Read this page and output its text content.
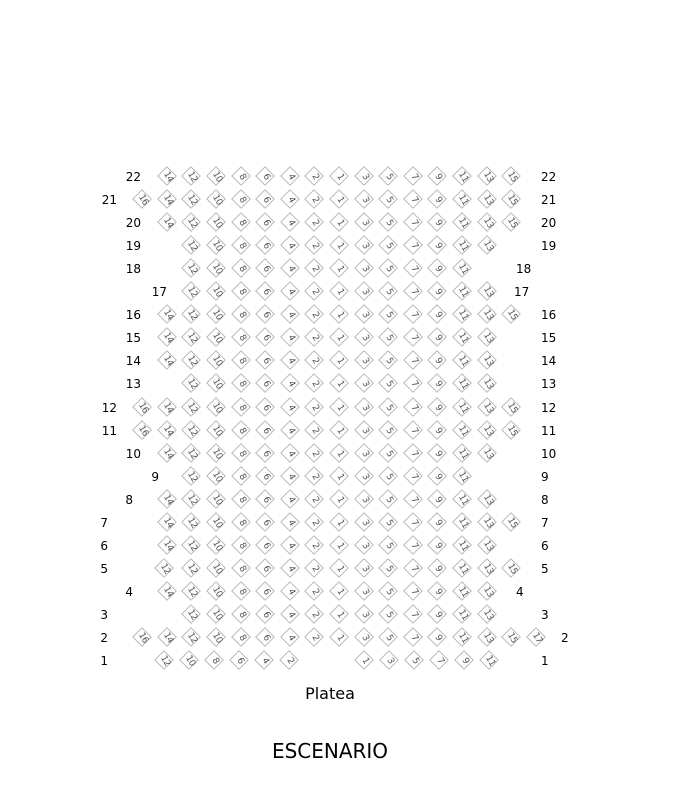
22	14	12	10	8	6	4	2	1	3	5	7	9	11	13	15	22
21	16	14	12	10	8	6	4	2	1	3	5	7	9	11	13	15	21
20	14	12	10	8	6	4	2	1	3	5	7	9	11	13	15	20
19	12	10	8	6	4	2	1	3	5	7	9	11	13	19
18	12	10	8	6	4	2	1	3	5	7	9	11	18
17	12	10	8	6	4	2	1	3	5	7	9	11	13	17
16	14	12	10	8	6	4	2	1	3	5	7	9	11	13	15	16
15	14	12	10	8	6	4	2	1	3	5	7	9	11	13	15
14	14	12	10	8	6	4	2	1	3	5	7	9	11	13	14
13	12	10	8	6	4	2	1	3	5	7	9	11	13	13
12	16	14	12	10	8	6	4	2	1	3	5	7	9	11	13	15	12
11	16	14	12	10	8	6	4	2	1	3	5	7	9	11	13	15	11
10	14	12	10	8	6	4	2	1	3	5	7	9	11	13	10
9	12	10	8	6	4	2	1	3	5	7	9	11	9
8	14	12	10	8	6	4	2	1	3	5	7	9	11	13	8
7	14	12	10	8	6	4	2	1	3	5	7	9	11	13	15	7
6	14	12	10	8	6	4	2	1	3	5	7	9	11	13	6
5	12	12	10	8	6	4	2	1	3	5	7	9	11	13	15	5
4	14	12	10	8	6	4	2	1	3	5	7	9	11	13	4
3	12	10	8	6	4	2	1	3	5	7	9	11	13	3
2	16	14	12	10	8	6	4	2	1	3	5	7	9	11	13	15	17	2
1	12	10	8	6	4	2	1	3	5	7	9	11	1
Platea
ESCENARIO
